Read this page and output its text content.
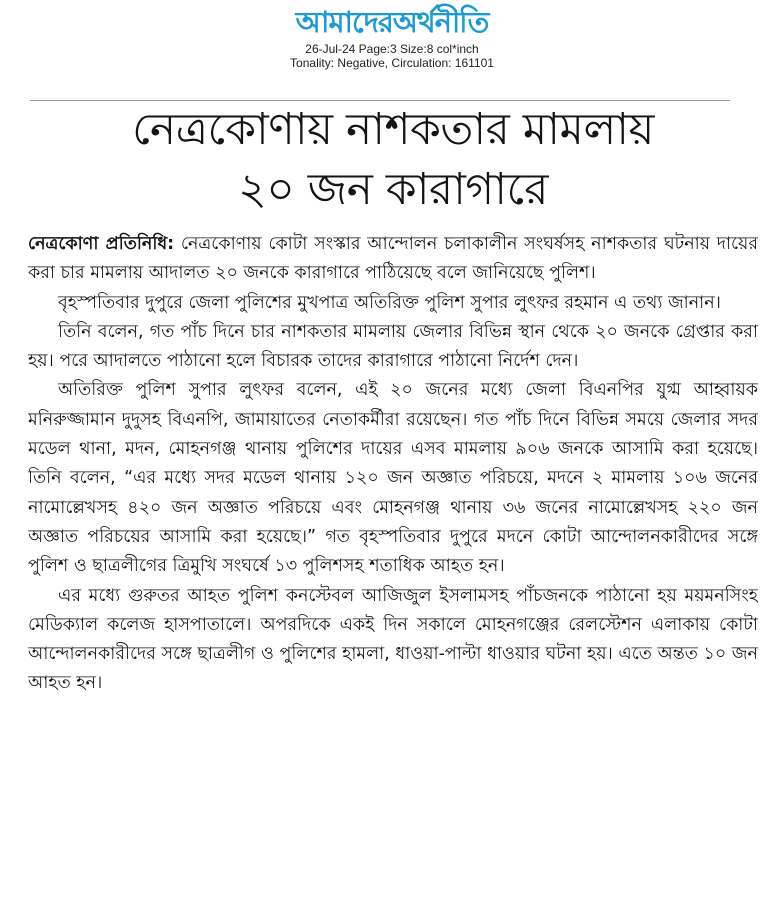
আমাদেরঅর্থনীতি
26-Jul-24 Page:3 Size:8 col*inch
Tonality: Negative, Circulation: 161101
নেত্রকোণায় নাশকতার মামলায়
২০ জন কারাগারে

নেত্রকোণা প্রতিনিধি: নেত্রকোণায় কোটা সংস্কার আন্দোলন চলাকালীন সংঘর্ষসহ নাশকতার ঘটনায় দায়ের করা চার মামলায় আদালত ২০ জনকে কারাগারে পাঠিয়েছে বলে জানিয়েছে পুলিশ।

বৃহস্পতিবার দুপুরে জেলা পুলিশের মুখপাত্র অতিরিক্ত পুলিশ সুপার লুৎফর রহমান এ তথ্য জানান।

তিনি বলেন, গত পাঁচ দিনে চার নাশকতার মামলায় জেলার বিভিন্ন স্থান থেকে ২০ জনকে গ্রেপ্তার করা হয়। পরে আদালতে পাঠানো হলে বিচারক তাদের কারাগারে পাঠানো নির্দেশ দেন।

অতিরিক্ত পুলিশ সুপার লুৎফর বলেন, এই ২০ জনের মধ্যে জেলা বিএনপির যুগ্ম আহ্বায়ক মনিরুজ্জামান দুদুসহ বিএনপি, জামায়াতের নেতাকর্মীরা রয়েছেন। গত পাঁচ দিনে বিভিন্ন সময়ে জেলার সদর মডেল থানা, মদন, মোহনগঞ্জ থানায় পুলিশের দায়ের এসব মামলায় ৯০৬ জনকে আসামি করা হয়েছে। তিনি বলেন, “এর মধ্যে সদর মডেল থানায় ১২০ জন অজ্ঞাত পরিচয়ে, মদনে ২ মামলায় ১০৬ জনের নামোল্লেখসহ ৪২০ জন অজ্ঞাত পরিচয়ে এবং মোহনগঞ্জ থানায় ৩৬ জনের নামোল্লেখসহ ২২০ জন অজ্ঞাত পরিচয়ের আসামি করা হয়েছে।” গত বৃহস্পতিবার দুপুরে মদনে কোটা আন্দোলনকারীদের সঙ্গে পুলিশ ও ছাত্রলীগের ত্রিমুখি সংঘর্ষে ১৩ পুলিশসহ শতাধিক আহত হন।

এর মধ্যে গুরুতর আহত পুলিশ কনস্টেবল আজিজুল ইসলামসহ পাঁচজনকে পাঠানো হয় ময়মনসিংহ মেডিক্যাল কলেজ হাসপাতালে। অপরদিকে একই দিন সকালে মোহনগঞ্জের রেলস্টেশন এলাকায় কোটা আন্দোলনকারীদের সঙ্গে ছাত্রলীগ ও পুলিশের হামলা, ধাওয়া-পাল্টা ধাওয়ার ঘটনা হয়। এতে অন্তত ১০ জন আহত হন।
